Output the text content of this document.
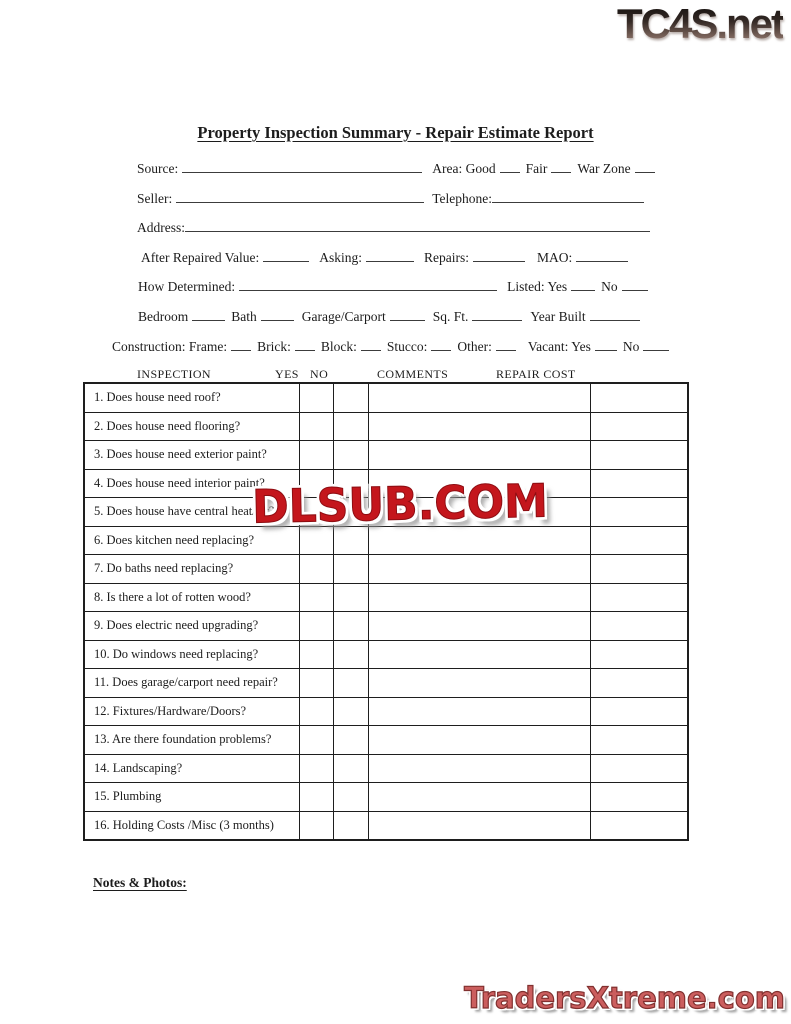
TC4S.net
Property Inspection Summary - Repair Estimate Report
Source:	Area: Good Fair War Zone
Seller:	Telephone:
Address:
After Repaired Value:	Asking:	Repairs:	MAO:
How Determined:	Listed: Yes	No
Bedroom	Bath	Garage/Carport	Sq. Ft.	Year Built
Construction: Frame: Brick: Block: Stucco: Other:	Vacant: Yes No
INSPECTION	YES NO	COMMENTS	REPAIR COST
1. Does house need roof?				
2. Does house need flooring?				
3. Does house need exterior paint?				
4. Does house need interior paint?				
5. Does house have central heat/air?				
6. Does kitchen need replacing?				
7. Do baths need replacing?				
8. Is there a lot of rotten wood?				
9. Does electric need upgrading?				
10. Do windows need replacing?				
11. Does garage/carport need repair?				
12. Fixtures/Hardware/Doors?				
13. Are there foundation problems?				
14. Landscaping?				
15. Plumbing				
16. Holding Costs /Misc (3 months)				
DLSUB.COM
Notes & Photos:
TradersXtreme.com
